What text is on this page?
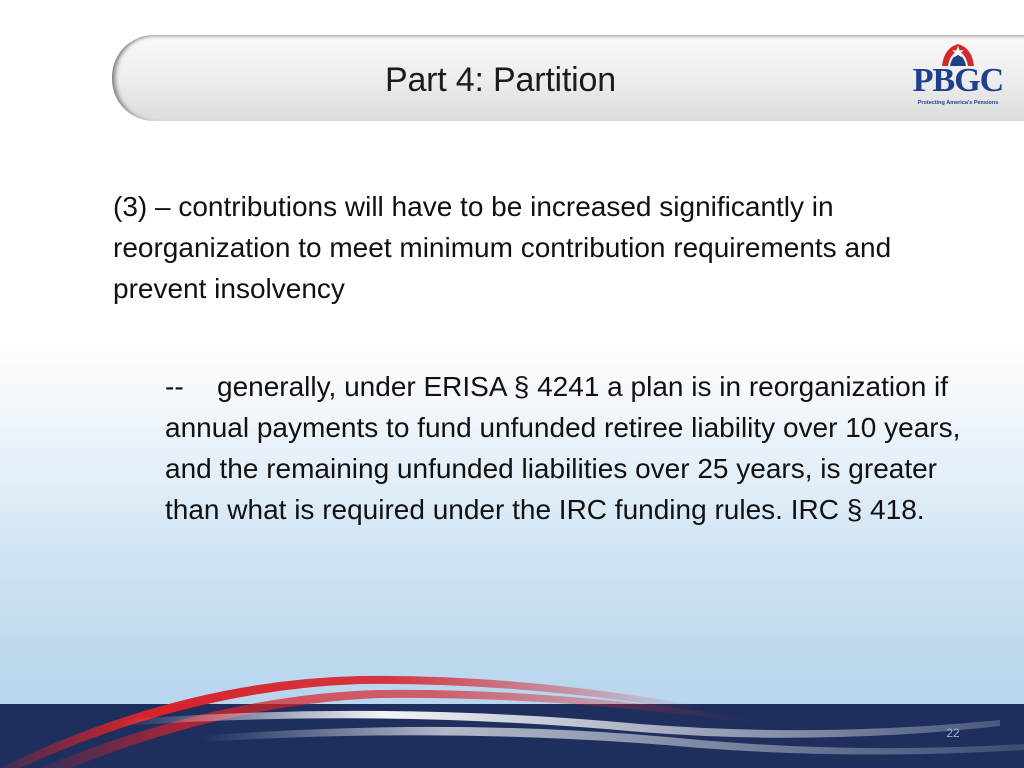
Part 4: Partition	PBGC
Protecting America's Pensions

(3) – contributions will have to be increased significantly in reorganization to meet minimum contribution requirements and prevent insolvency

-- generally, under ERISA § 4241 a plan is in reorganization if annual payments to fund unfunded retiree liability over 10 years, and the remaining unfunded liabilities over 25 years, is greater than what is required under the IRC funding rules. IRC § 418.

22
